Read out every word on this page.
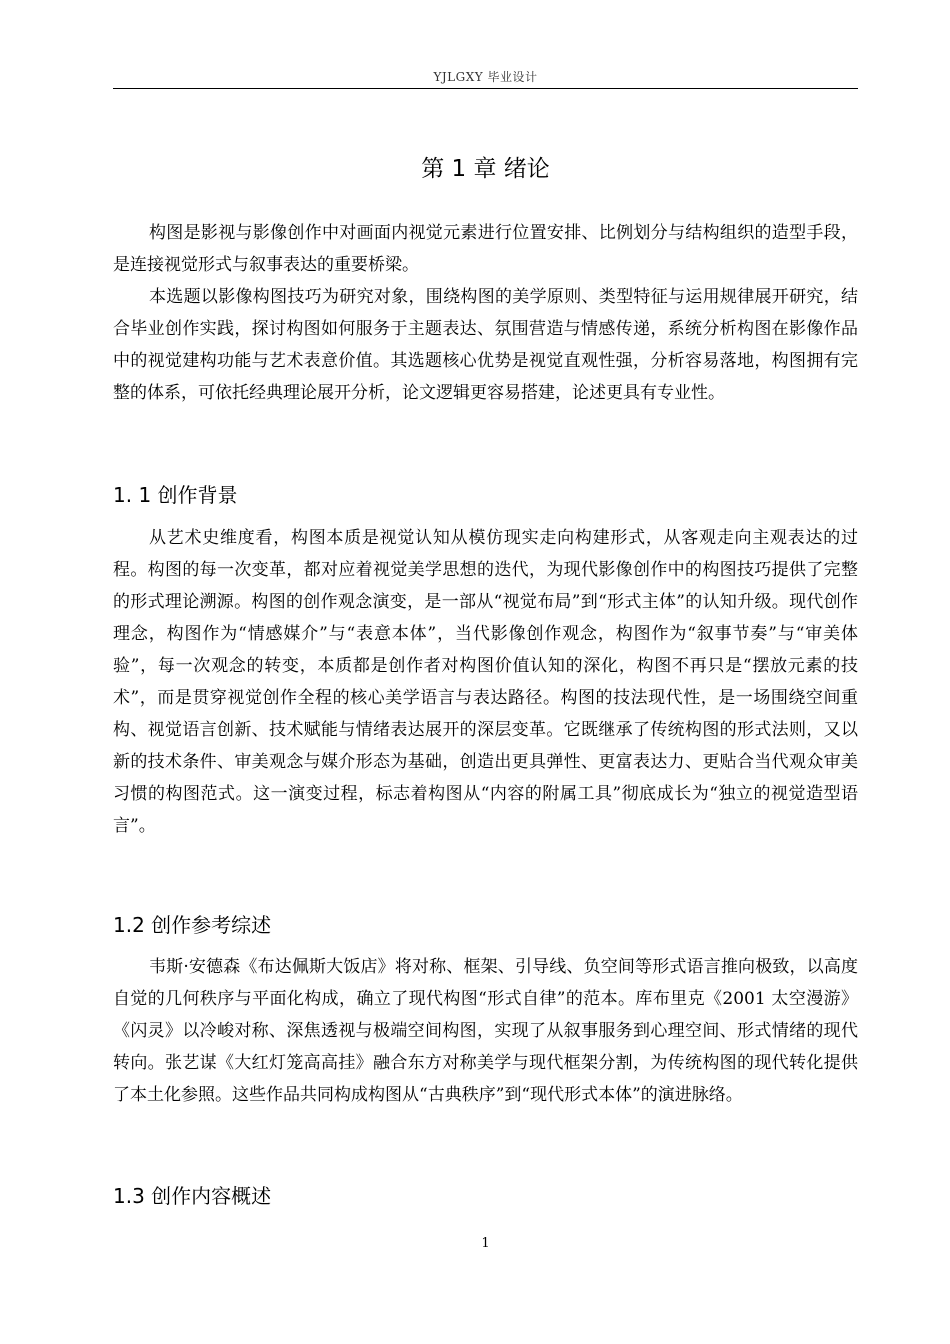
YJLGXY 毕业设计
第 1 章 绪论

构图是影视与影像创作中对画面内视觉元素进行位置安排、比例划分与结构组织的造型手段，是连接视觉形式与叙事表达的重要桥梁。

本选题以影像构图技巧为研究对象，围绕构图的美学原则、类型特征与运用规律展开研究，结合毕业创作实践，探讨构图如何服务于主题表达、氛围营造与情感传递，系统分析构图在影像作品中的视觉建构功能与艺术表意价值。其选题核心优势是视觉直观性强，分析容易落地，构图拥有完整的体系，可依托经典理论展开分析，论文逻辑更容易搭建，论述更具有专业性。

1. 1 创作背景

从艺术史维度看，构图本质是视觉认知从模仿现实走向构建形式，从客观走向主观表达的过程。构图的每一次变革，都对应着视觉美学思想的迭代，为现代影像创作中的构图技巧提供了完整的形式理论溯源。构图的创作观念演变，是一部从“视觉布局”到“形式主体”的认知升级。现代创作理念，构图作为“情感媒介”与“表意本体”，当代影像创作观念，构图作为“叙事节奏”与“审美体验”，每一次观念的转变，本质都是创作者对构图价值认知的深化，构图不再只是“摆放元素的技术”，而是贯穿视觉创作全程的核心美学语言与表达路径。构图的技法现代性，是一场围绕空间重构、视觉语言创新、技术赋能与情绪表达展开的深层变革。它既继承了传统构图的形式法则，又以新的技术条件、审美观念与媒介形态为基础，创造出更具弹性、更富表达力、更贴合当代观众审美习惯的构图范式。这一演变过程，标志着构图从“内容的附属工具”彻底成长为“独立的视觉造型语言”。

1.2 创作参考综述

韦斯·安德森《布达佩斯大饭店》将对称、框架、引导线、负空间等形式语言推向极致，以高度自觉的几何秩序与平面化构成，确立了现代构图“形式自律”的范本。库布里克《2001 太空漫游》《闪灵》以冷峻对称、深焦透视与极端空间构图，实现了从叙事服务到心理空间、形式情绪的现代转向。张艺谋《大红灯笼高高挂》融合东方对称美学与现代框架分割，为传统构图的现代转化提供了本土化参照。这些作品共同构成构图从“古典秩序”到“现代形式本体”的演进脉络。

1.3 创作内容概述
1
